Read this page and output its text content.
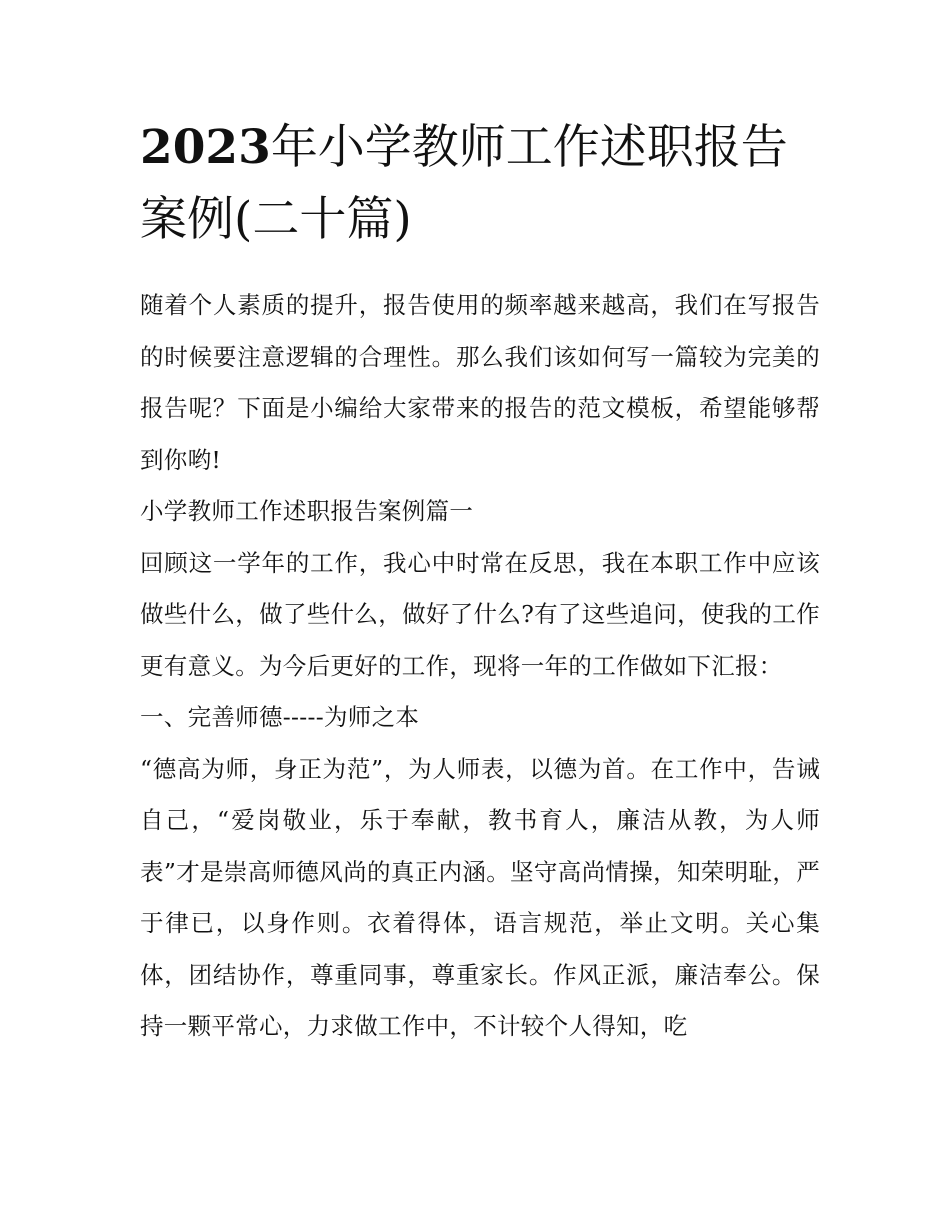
2023年小学教师工作述职报告案例(二十篇)

随着个人素质的提升，报告使用的频率越来越高，我们在写报告的时候要注意逻辑的合理性。那么我们该如何写一篇较为完美的报告呢？下面是小编给大家带来的报告的范文模板，希望能够帮到你哟!

小学教师工作述职报告案例篇一

回顾这一学年的工作，我心中时常在反思，我在本职工作中应该做些什么，做了些什么，做好了什么?有了这些追问，使我的工作更有意义。为今后更好的工作，现将一年的工作做如下汇报：

一、完善师德-----为师之本

“德高为师，身正为范”，为人师表，以德为首。在工作中，告诫自己，“爱岗敬业，乐于奉献，教书育人，廉洁从教，为人师表”才是崇高师德风尚的真正内涵。坚守高尚情操，知荣明耻，严于律已，以身作则。衣着得体，语言规范，举止文明。关心集体，团结协作，尊重同事，尊重家长。作风正派，廉洁奉公。保持一颗平常心，力求做工作中，不计较个人得知，吃
